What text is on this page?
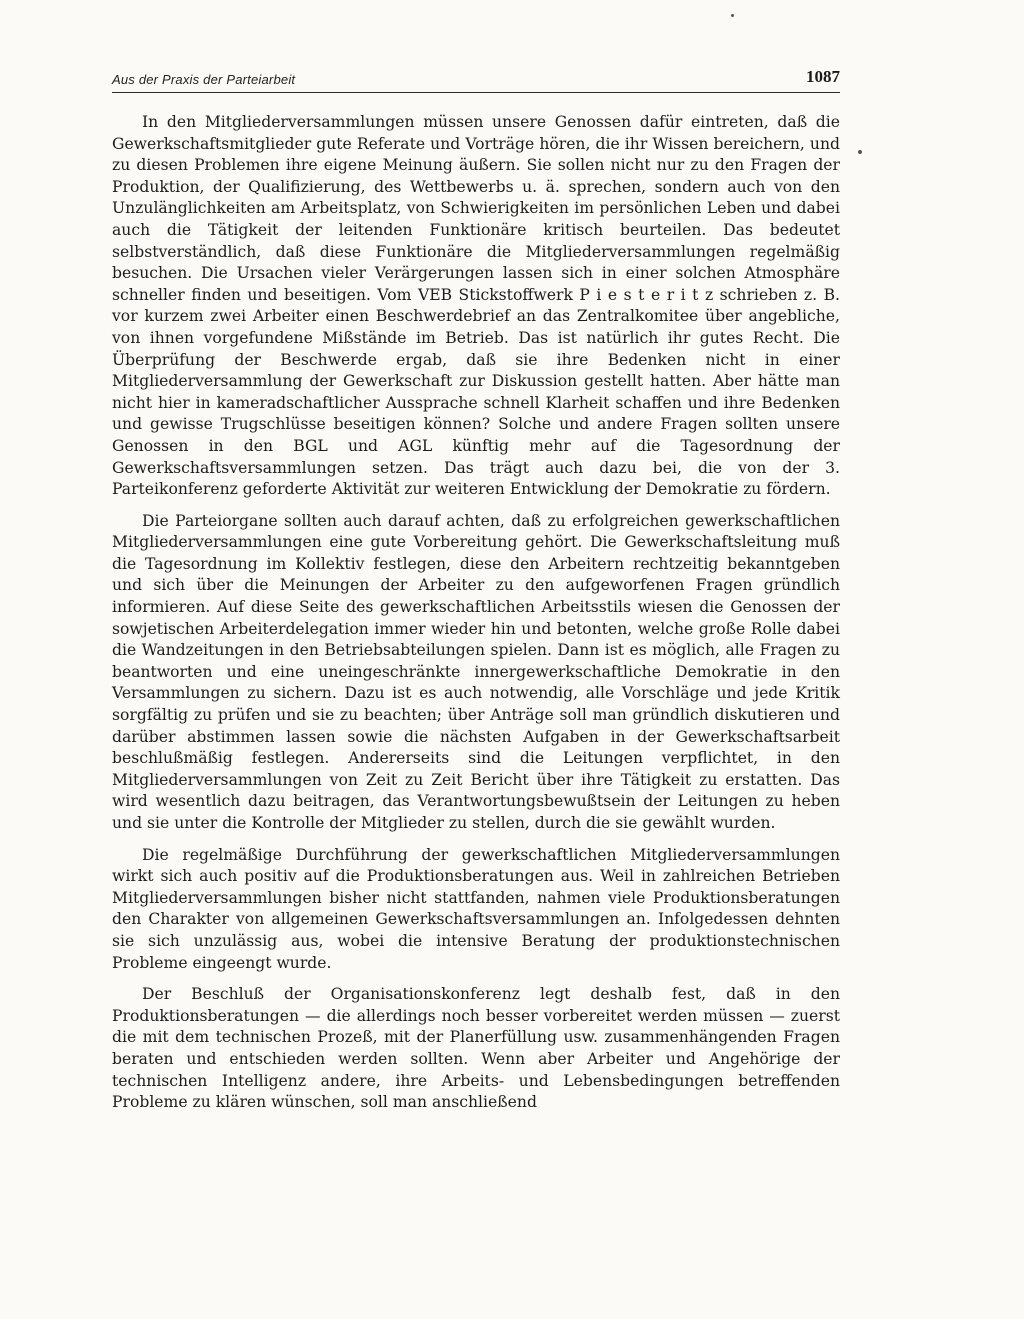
Aus der Praxis der Parteiarbeit	1087

In den Mitgliederversammlungen müssen unsere Genossen dafür eintreten, daß die Gewerkschaftsmitglieder gute Referate und Vorträge hören, die ihr Wissen bereichern, und zu diesen Problemen ihre eigene Meinung äußern. Sie sollen nicht nur zu den Fragen der Produktion, der Qualifizierung, des Wettbewerbs u. ä. sprechen, sondern auch von den Unzulänglichkeiten am Arbeitsplatz, von Schwierigkeiten im persönlichen Leben und dabei auch die Tätigkeit der leitenden Funktionäre kritisch beurteilen. Das bedeutet selbstverständlich, daß diese Funktionäre die Mitgliederversammlungen regelmäßig besuchen. Die Ursachen vieler Verärgerungen lassen sich in einer solchen Atmosphäre schneller finden und beseitigen. Vom VEB Stickstoffwerk P i e s t e r i t z schrieben z. B. vor kurzem zwei Arbeiter einen Beschwerdebrief an das Zentralkomitee über angebliche, von ihnen vorgefundene Mißstände im Betrieb. Das ist natürlich ihr gutes Recht. Die Überprüfung der Beschwerde ergab, daß sie ihre Bedenken nicht in einer Mitgliederversammlung der Gewerkschaft zur Diskussion gestellt hatten. Aber hätte man nicht hier in kameradschaftlicher Aussprache schnell Klarheit schaffen und ihre Bedenken und gewisse Trugschlüsse beseitigen können? Solche und andere Fragen sollten unsere Genossen in den BGL und AGL künftig mehr auf die Tagesordnung der Gewerkschaftsversammlungen setzen. Das trägt auch dazu bei, die von der 3. Parteikonferenz geforderte Aktivität zur weiteren Entwicklung der Demokratie zu fördern.

Die Parteiorgane sollten auch darauf achten, daß zu erfolgreichen gewerkschaftlichen Mitgliederversammlungen eine gute Vorbereitung gehört. Die Gewerkschaftsleitung muß die Tagesordnung im Kollektiv festlegen, diese den Arbeitern rechtzeitig bekanntgeben und sich über die Meinungen der Arbeiter zu den aufgeworfenen Fragen gründlich informieren. Auf diese Seite des gewerkschaftlichen Arbeitsstils wiesen die Genossen der sowjetischen Arbeiterdelegation immer wieder hin und betonten, welche große Rolle dabei die Wandzeitungen in den Betriebsabteilungen spielen. Dann ist es möglich, alle Fragen zu beantworten und eine uneingeschränkte innergewerkschaftliche Demokratie in den Versammlungen zu sichern. Dazu ist es auch notwendig, alle Vorschläge und jede Kritik sorgfältig zu prüfen und sie zu beachten; über Anträge soll man gründlich diskutieren und darüber abstimmen lassen sowie die nächsten Aufgaben in der Gewerkschaftsarbeit beschlußmäßig festlegen. Andererseits sind die Leitungen verpflichtet, in den Mitgliederversammlungen von Zeit zu Zeit Bericht über ihre Tätigkeit zu erstatten. Das wird wesentlich dazu beitragen, das Verantwortungsbewußtsein der Leitungen zu heben und sie unter die Kontrolle der Mitglieder zu stellen, durch die sie gewählt wurden.

Die regelmäßige Durchführung der gewerkschaftlichen Mitgliederversammlungen wirkt sich auch positiv auf die Produktionsberatungen aus. Weil in zahlreichen Betrieben Mitgliederversammlungen bisher nicht stattfanden, nahmen viele Produktionsberatungen den Charakter von allgemeinen Gewerkschaftsversammlungen an. Infolgedessen dehnten sie sich unzulässig aus, wobei die intensive Beratung der produktionstechnischen Probleme eingeengt wurde.

Der Beschluß der Organisationskonferenz legt deshalb fest, daß in den Produktionsberatungen — die allerdings noch besser vorbereitet werden müssen — zuerst die mit dem technischen Prozeß, mit der Planerfüllung usw. zusammenhängenden Fragen beraten und entschieden werden sollten. Wenn aber Arbeiter und Angehörige der technischen Intelligenz andere, ihre Arbeits- und Lebensbedingungen betreffenden Probleme zu klären wünschen, soll man anschließend
